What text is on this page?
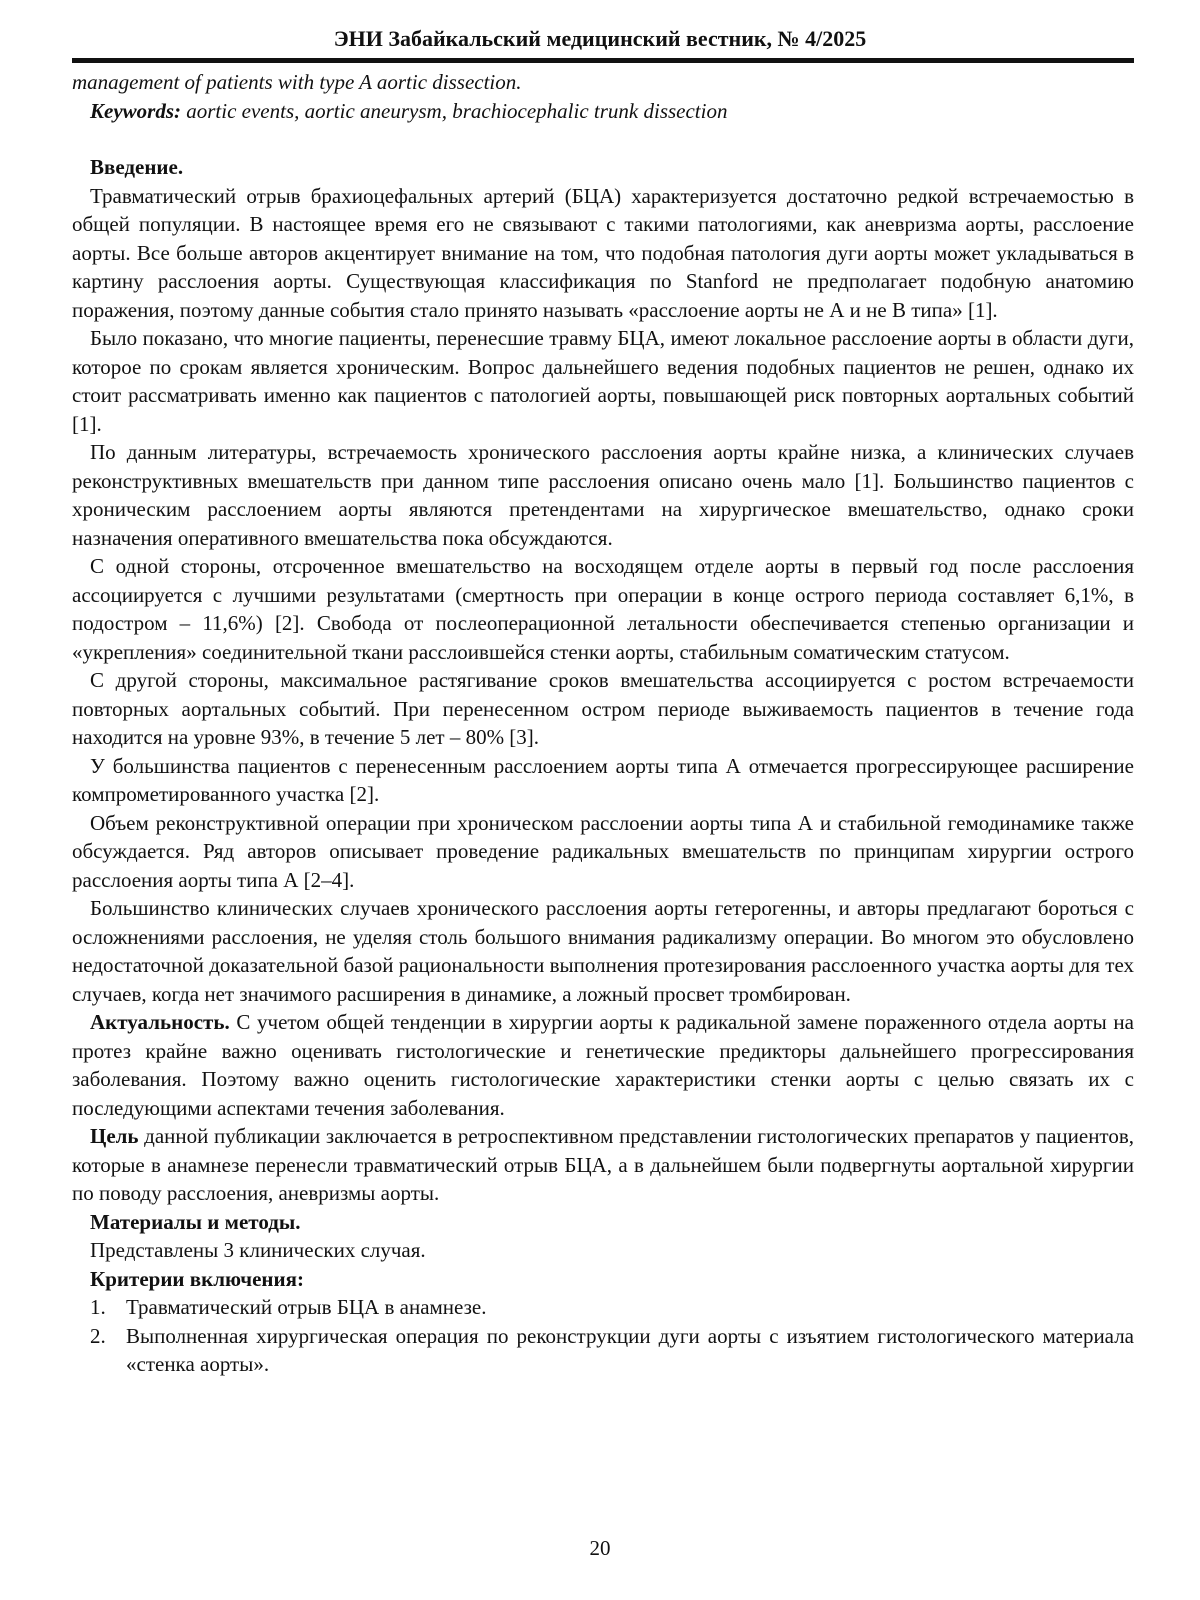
ЭНИ Забайкальский медицинский вестник, № 4/2025

management of patients with type A aortic dissection.

Keywords: aortic events, aortic aneurysm, brachiocephalic trunk dissection

Введение.

Травматический отрыв брахиоцефальных артерий (БЦА) характеризуется достаточно редкой встречаемостью в общей популяции. В настоящее время его не связывают с такими патологиями, как аневризма аорты, расслоение аорты. Все больше авторов акцентирует внимание на том, что подобная патология дуги аорты может укладываться в картину расслоения аорты. Существующая классификация по Stanford не предполагает подобную анатомию поражения, поэтому данные события стало принято называть «расслоение аорты не А и не В типа» [1].

Было показано, что многие пациенты, перенесшие травму БЦА, имеют локальное расслоение аорты в области дуги, которое по срокам является хроническим. Вопрос дальнейшего ведения подобных пациентов не решен, однако их стоит рассматривать именно как пациентов с патологией аорты, повышающей риск повторных аортальных событий [1].

По данным литературы, встречаемость хронического расслоения аорты крайне низка, а клинических случаев реконструктивных вмешательств при данном типе расслоения описано очень мало [1]. Большинство пациентов с хроническим расслоением аорты являются претендентами на хирургическое вмешательство, однако сроки назначения оперативного вмешательства пока обсуждаются.

С одной стороны, отсроченное вмешательство на восходящем отделе аорты в первый год после расслоения ассоциируется с лучшими результатами (смертность при операции в конце острого периода составляет 6,1%, в подостром – 11,6%) [2]. Свобода от послеоперационной летальности обеспечивается степенью организации и «укрепления» соединительной ткани расслоившейся стенки аорты, стабильным соматическим статусом.

С другой стороны, максимальное растягивание сроков вмешательства ассоциируется с ростом встречаемости повторных аортальных событий. При перенесенном остром периоде выживаемость пациентов в течение года находится на уровне 93%, в течение 5 лет – 80% [3].

У большинства пациентов с перенесенным расслоением аорты типа А отмечается прогрессирующее расширение компрометированного участка [2].

Объем реконструктивной операции при хроническом расслоении аорты типа А и стабильной гемодинамике также обсуждается. Ряд авторов описывает проведение радикальных вмешательств по принципам хирургии острого расслоения аорты типа А [2–4].

Большинство клинических случаев хронического расслоения аорты гетерогенны, и авторы предлагают бороться с осложнениями расслоения, не уделяя столь большого внимания радикализму операции. Во многом это обусловлено недостаточной доказательной базой рациональности выполнения протезирования расслоенного участка аорты для тех случаев, когда нет значимого расширения в динамике, а ложный просвет тромбирован.

Актуальность. С учетом общей тенденции в хирургии аорты к радикальной замене пораженного отдела аорты на протез крайне важно оценивать гистологические и генетические предикторы дальнейшего прогрессирования заболевания. Поэтому важно оценить гистологические характеристики стенки аорты с целью связать их с последующими аспектами течения заболевания.

Цель данной публикации заключается в ретроспективном представлении гистологических препаратов у пациентов, которые в анамнезе перенесли травматический отрыв БЦА, а в дальнейшем были подвергнуты аортальной хирургии по поводу расслоения, аневризмы аорты.

Материалы и методы.

Представлены 3 клинических случая.

Критерии включения:

1. Травматический отрыв БЦА в анамнезе.
2. Выполненная хирургическая операция по реконструкции дуги аорты с изъятием гистологического материала «стенка аорты».
20
